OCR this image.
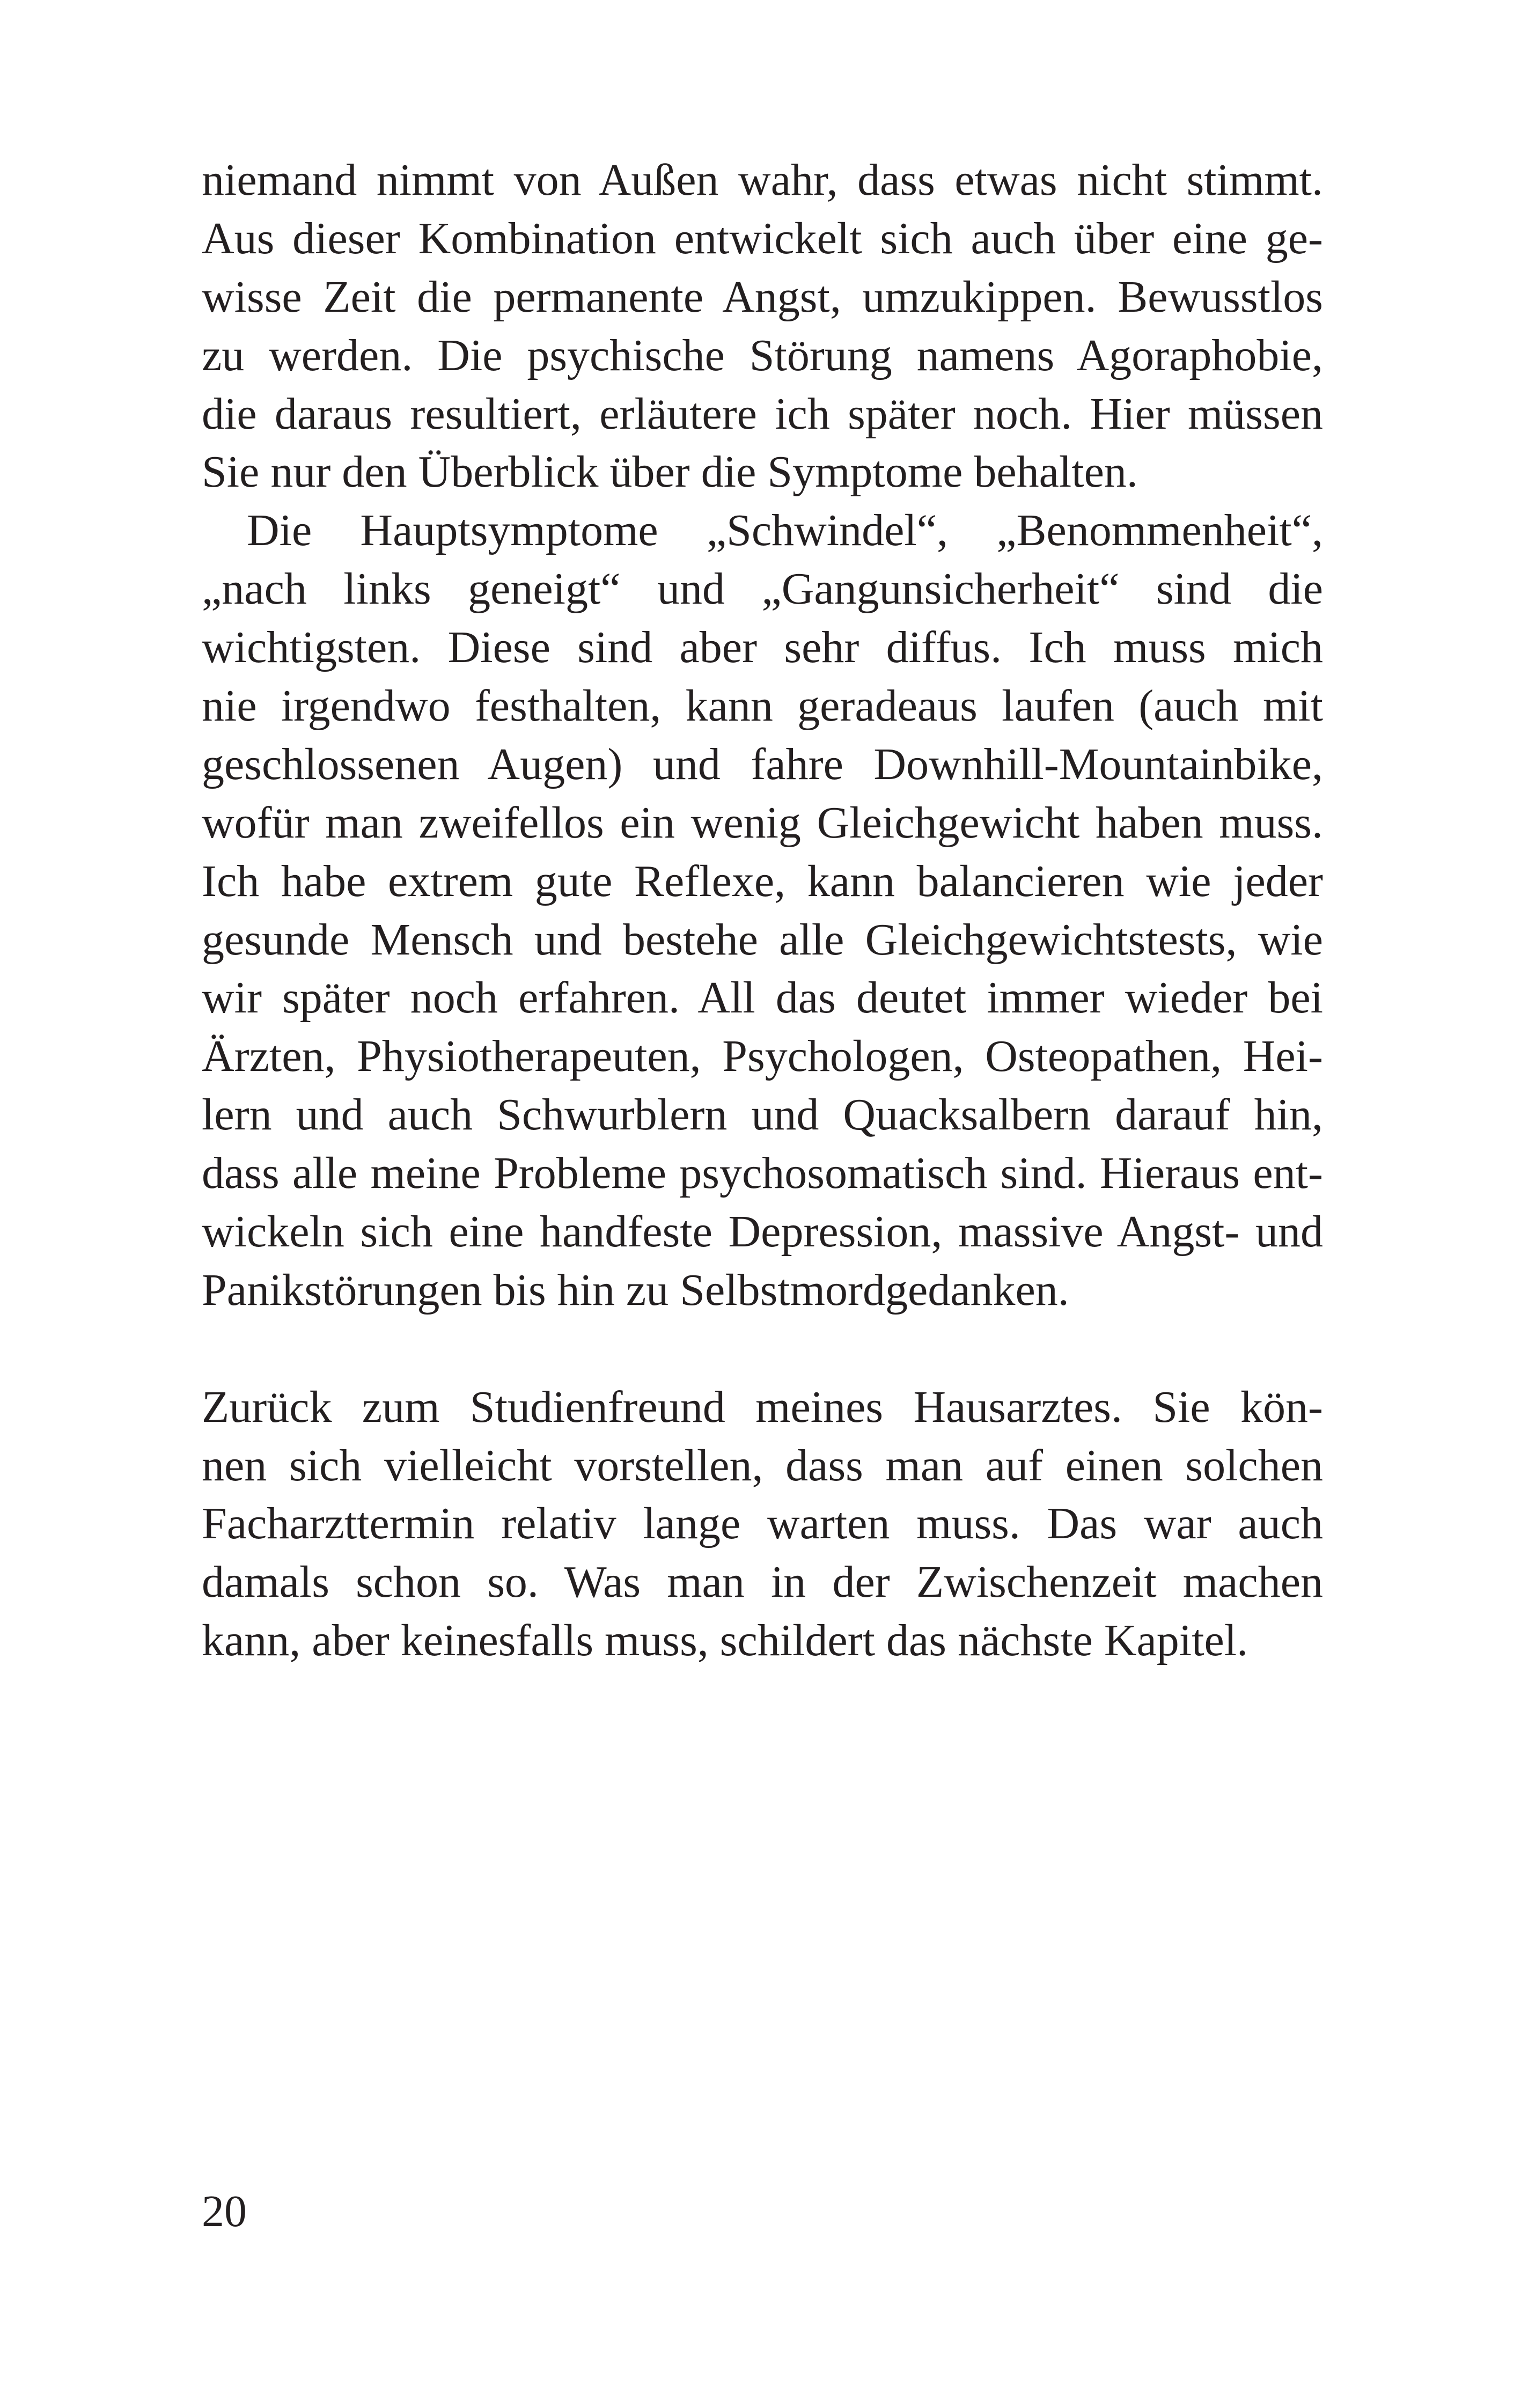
niemand nimmt von Außen wahr, dass etwas nicht stimmt.
Aus dieser Kombination entwickelt sich auch über eine ge-
wisse Zeit die permanente Angst, umzukippen. Bewusstlos
zu werden. Die psychische Störung namens Agoraphobie,
die daraus resultiert, erläutere ich später noch. Hier müssen
Sie nur den Überblick über die Symptome behalten.
Die Hauptsymptome „Schwindel“, „Benommenheit“,
„nach links geneigt“ und „Gangunsicherheit“ sind die
wichtigsten. Diese sind aber sehr diffus. Ich muss mich
nie irgendwo festhalten, kann geradeaus laufen (auch mit
geschlossenen Augen) und fahre Downhill-Mountainbike,
wofür man zweifellos ein wenig Gleichgewicht haben muss.
Ich habe extrem gute Reflexe, kann balancieren wie jeder
gesunde Mensch und bestehe alle Gleichgewichtstests, wie
wir später noch erfahren. All das deutet immer wieder bei
Ärzten, Physiotherapeuten, Psychologen, Osteopathen, Hei-
lern und auch Schwurblern und Quacksalbern darauf hin,
dass alle meine Probleme psychosomatisch sind. Hieraus ent-
wickeln sich eine handfeste Depression, massive Angst- und
Panikstörungen bis hin zu Selbstmordgedanken.
Zurück zum Studienfreund meines Hausarztes. Sie kön-
nen sich vielleicht vorstellen, dass man auf einen solchen
Facharzttermin relativ lange warten muss. Das war auch
damals schon so. Was man in der Zwischenzeit machen
kann, aber keinesfalls muss, schildert das nächste Kapitel.
20
